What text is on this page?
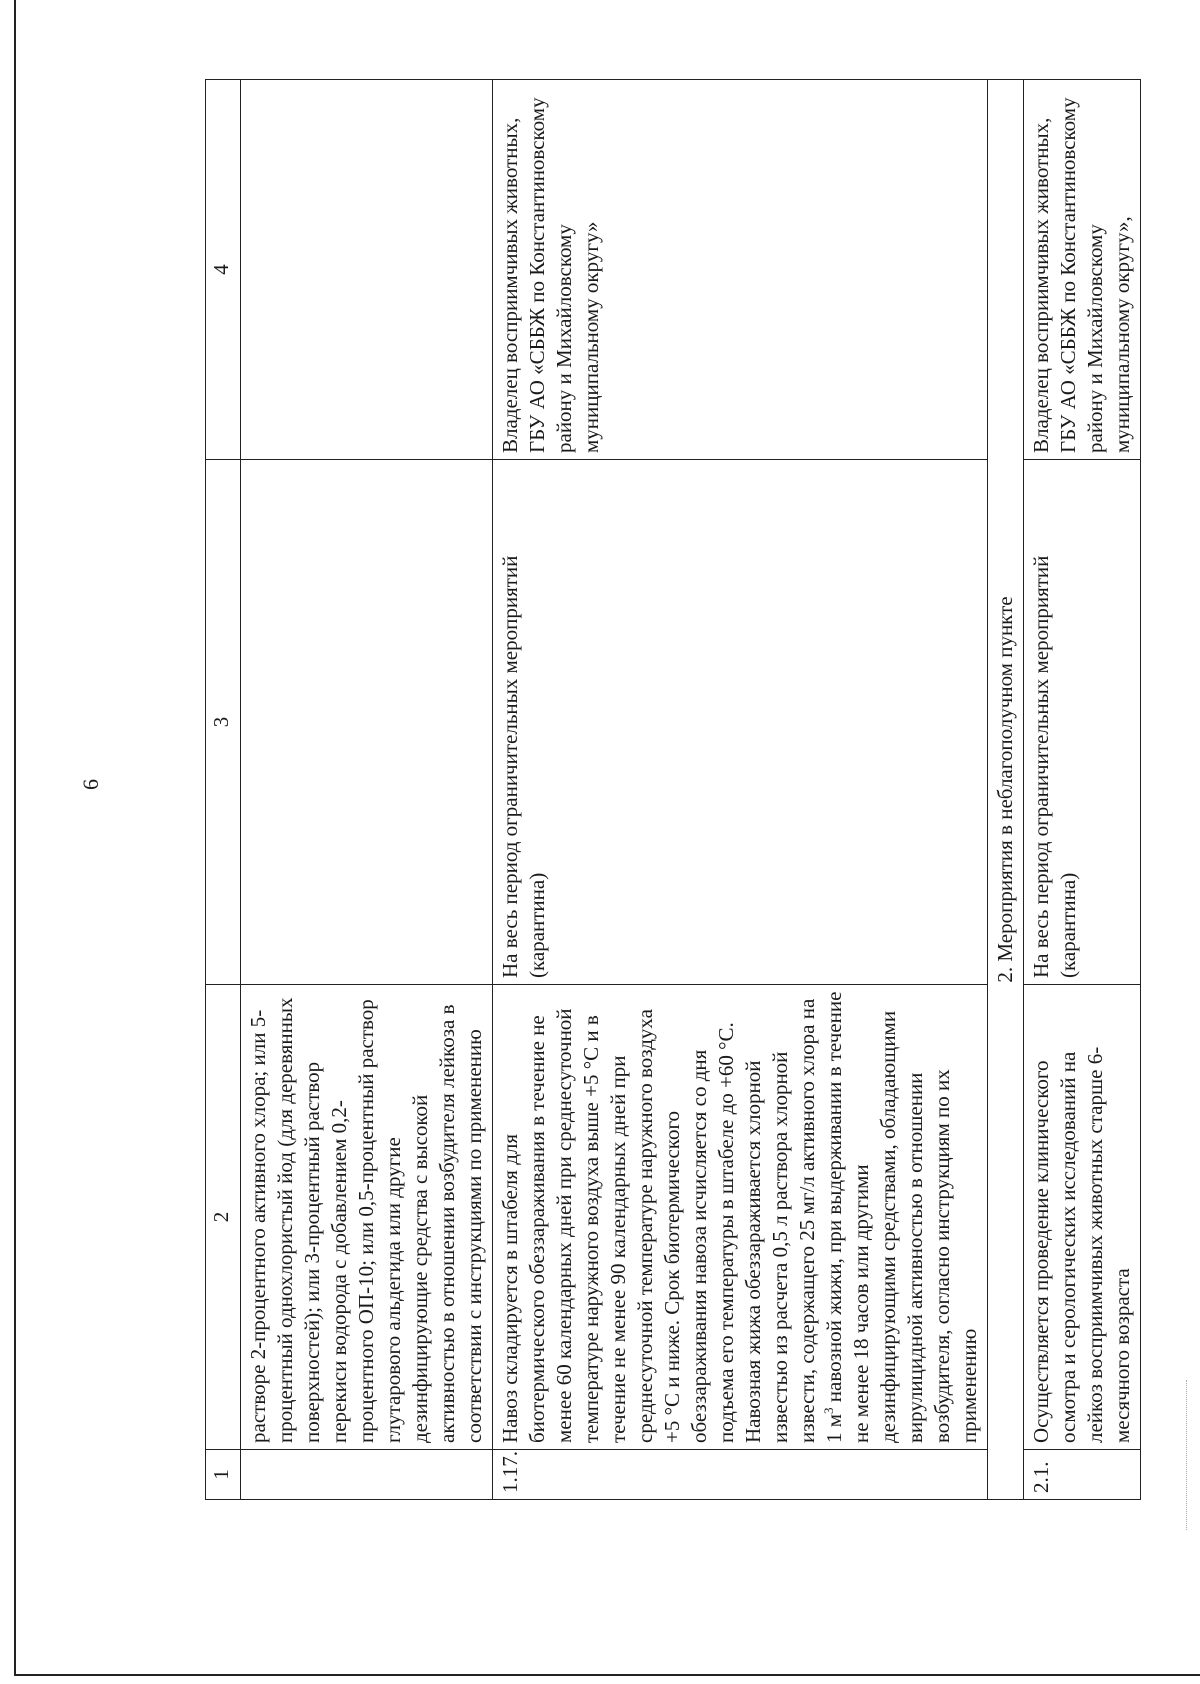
6
1	2	3	4
	растворе 2-процентного активного хлора; или 5-процентный однохлористый йод (для деревянных поверхностей); или 3-процентный раствор перекиси водорода с добавлением 0,2-процентного ОП-10; или 0,5-процентный раствор глутарового альдегида или другие дезинфицирующие средства с высокой активностью в отношении возбудителя лейкоза в соответствии с инструкциями по применению		
1.17.	Навоз складируется в штабеля для биотермического обеззараживания в течение не менее 60 календарных дней при среднесуточной температуре наружного воздуха выше +5 °С и в течение не менее 90 календарных дней при среднесуточной температуре наружного воздуха +5 °С и ниже. Срок биотермического обеззараживания навоза исчисляется со дня подъема его температуры в штабеле до +60 °С. Навозная жижа обеззараживается хлорной известью из расчета 0,5 л раствора хлорной извести, содержащего 25 мг/л активного хлора на 1 $м^3$ навозной жижи, при выдерживании в течение не менее 18 часов или другими дезинфицирующими средствами, обладающими вирулицидной активностью в отношении возбудителя, согласно инструкциям по их применению	На весь период ограничительных мероприятий (карантина)	Владелец восприимчивых животных, ГБУ АО «СББЖ по Константиновскому району и Михайловскому муниципальному округу»
2. Мероприятия в неблагополучном пункте			
2.1.	Осуществляется проведение клинического осмотра и серологических исследований на лейкоз восприимчивых животных старше 6-месячного возраста	На весь период ограничительных мероприятий (карантина)	Владелец восприимчивых животных, ГБУ АО «СББЖ по Константиновскому району и Михайловскому муниципальному округу»,
